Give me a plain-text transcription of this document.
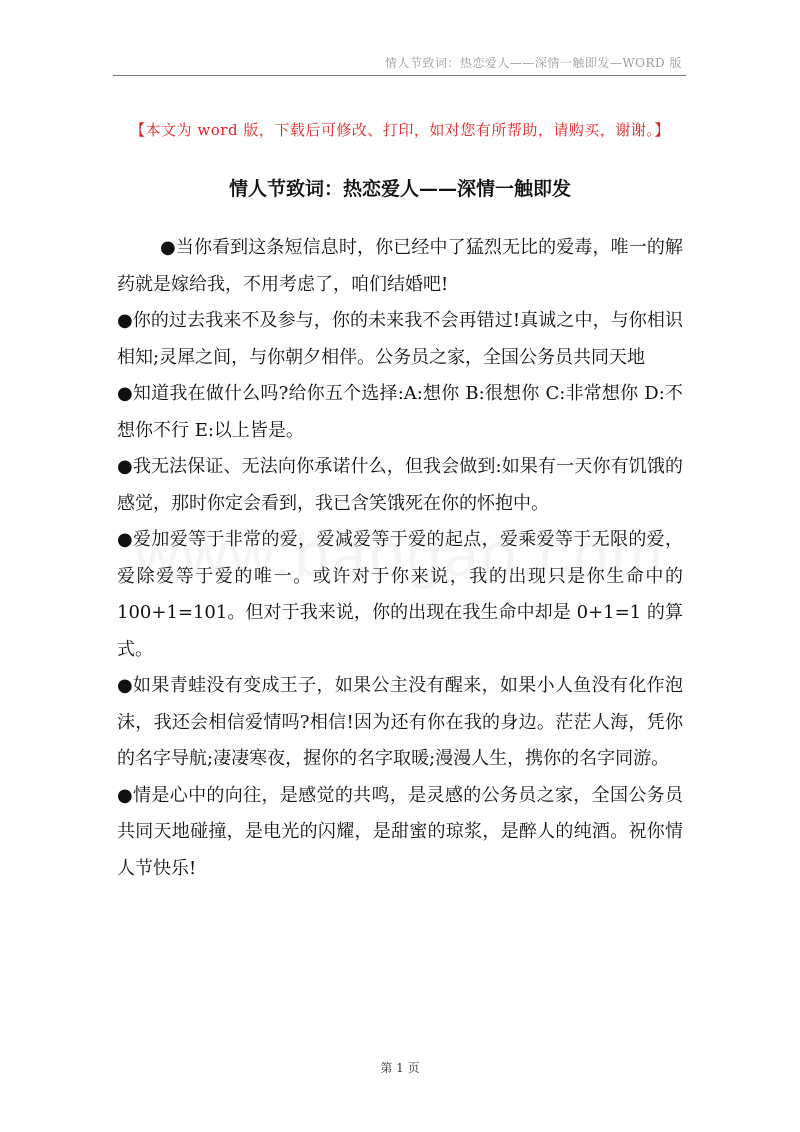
情人节致词：热恋爱人——深情一触即发—WORD 版
【本文为 word 版，下载后可修改、打印，如对您有所帮助，请购买，谢谢。】
情人节致词：热恋爱人——深情一触即发

●当你看到这条短信息时，你已经中了猛烈无比的爱毒，唯一的解药就是嫁给我，不用考虑了，咱们结婚吧!

●你的过去我来不及参与，你的未来我不会再错过!真诚之中，与你相识相知;灵犀之间，与你朝夕相伴。公务员之家，全国公务员共同天地

●知道我在做什么吗?给你五个选择:A:想你 B:很想你 C:非常想你 D:不想你不行 E:以上皆是。

●我无法保证、无法向你承诺什么，但我会做到:如果有一天你有饥饿的感觉，那时你定会看到，我已含笑饿死在你的怀抱中。

●爱加爱等于非常的爱，爱减爱等于爱的起点，爱乘爱等于无限的爱，爱除爱等于爱的唯一。或许对于你来说，我的出现只是你生命中的 100+1=101。但对于我来说，你的出现在我生命中却是 0+1=1 的算式。

●如果青蛙没有变成王子，如果公主没有醒来，如果小人鱼没有化作泡沫，我还会相信爱情吗?相信!因为还有你在我的身边。茫茫人海，凭你的名字导航;凄凄寒夜，握你的名字取暖;漫漫人生，携你的名字同游。

●情是心中的向往，是感觉的共鸣，是灵感的公务员之家，全国公务员共同天地碰撞，是电光的闪耀，是甜蜜的琼浆，是醉人的纯酒。祝你情人节快乐!

第 1 页
